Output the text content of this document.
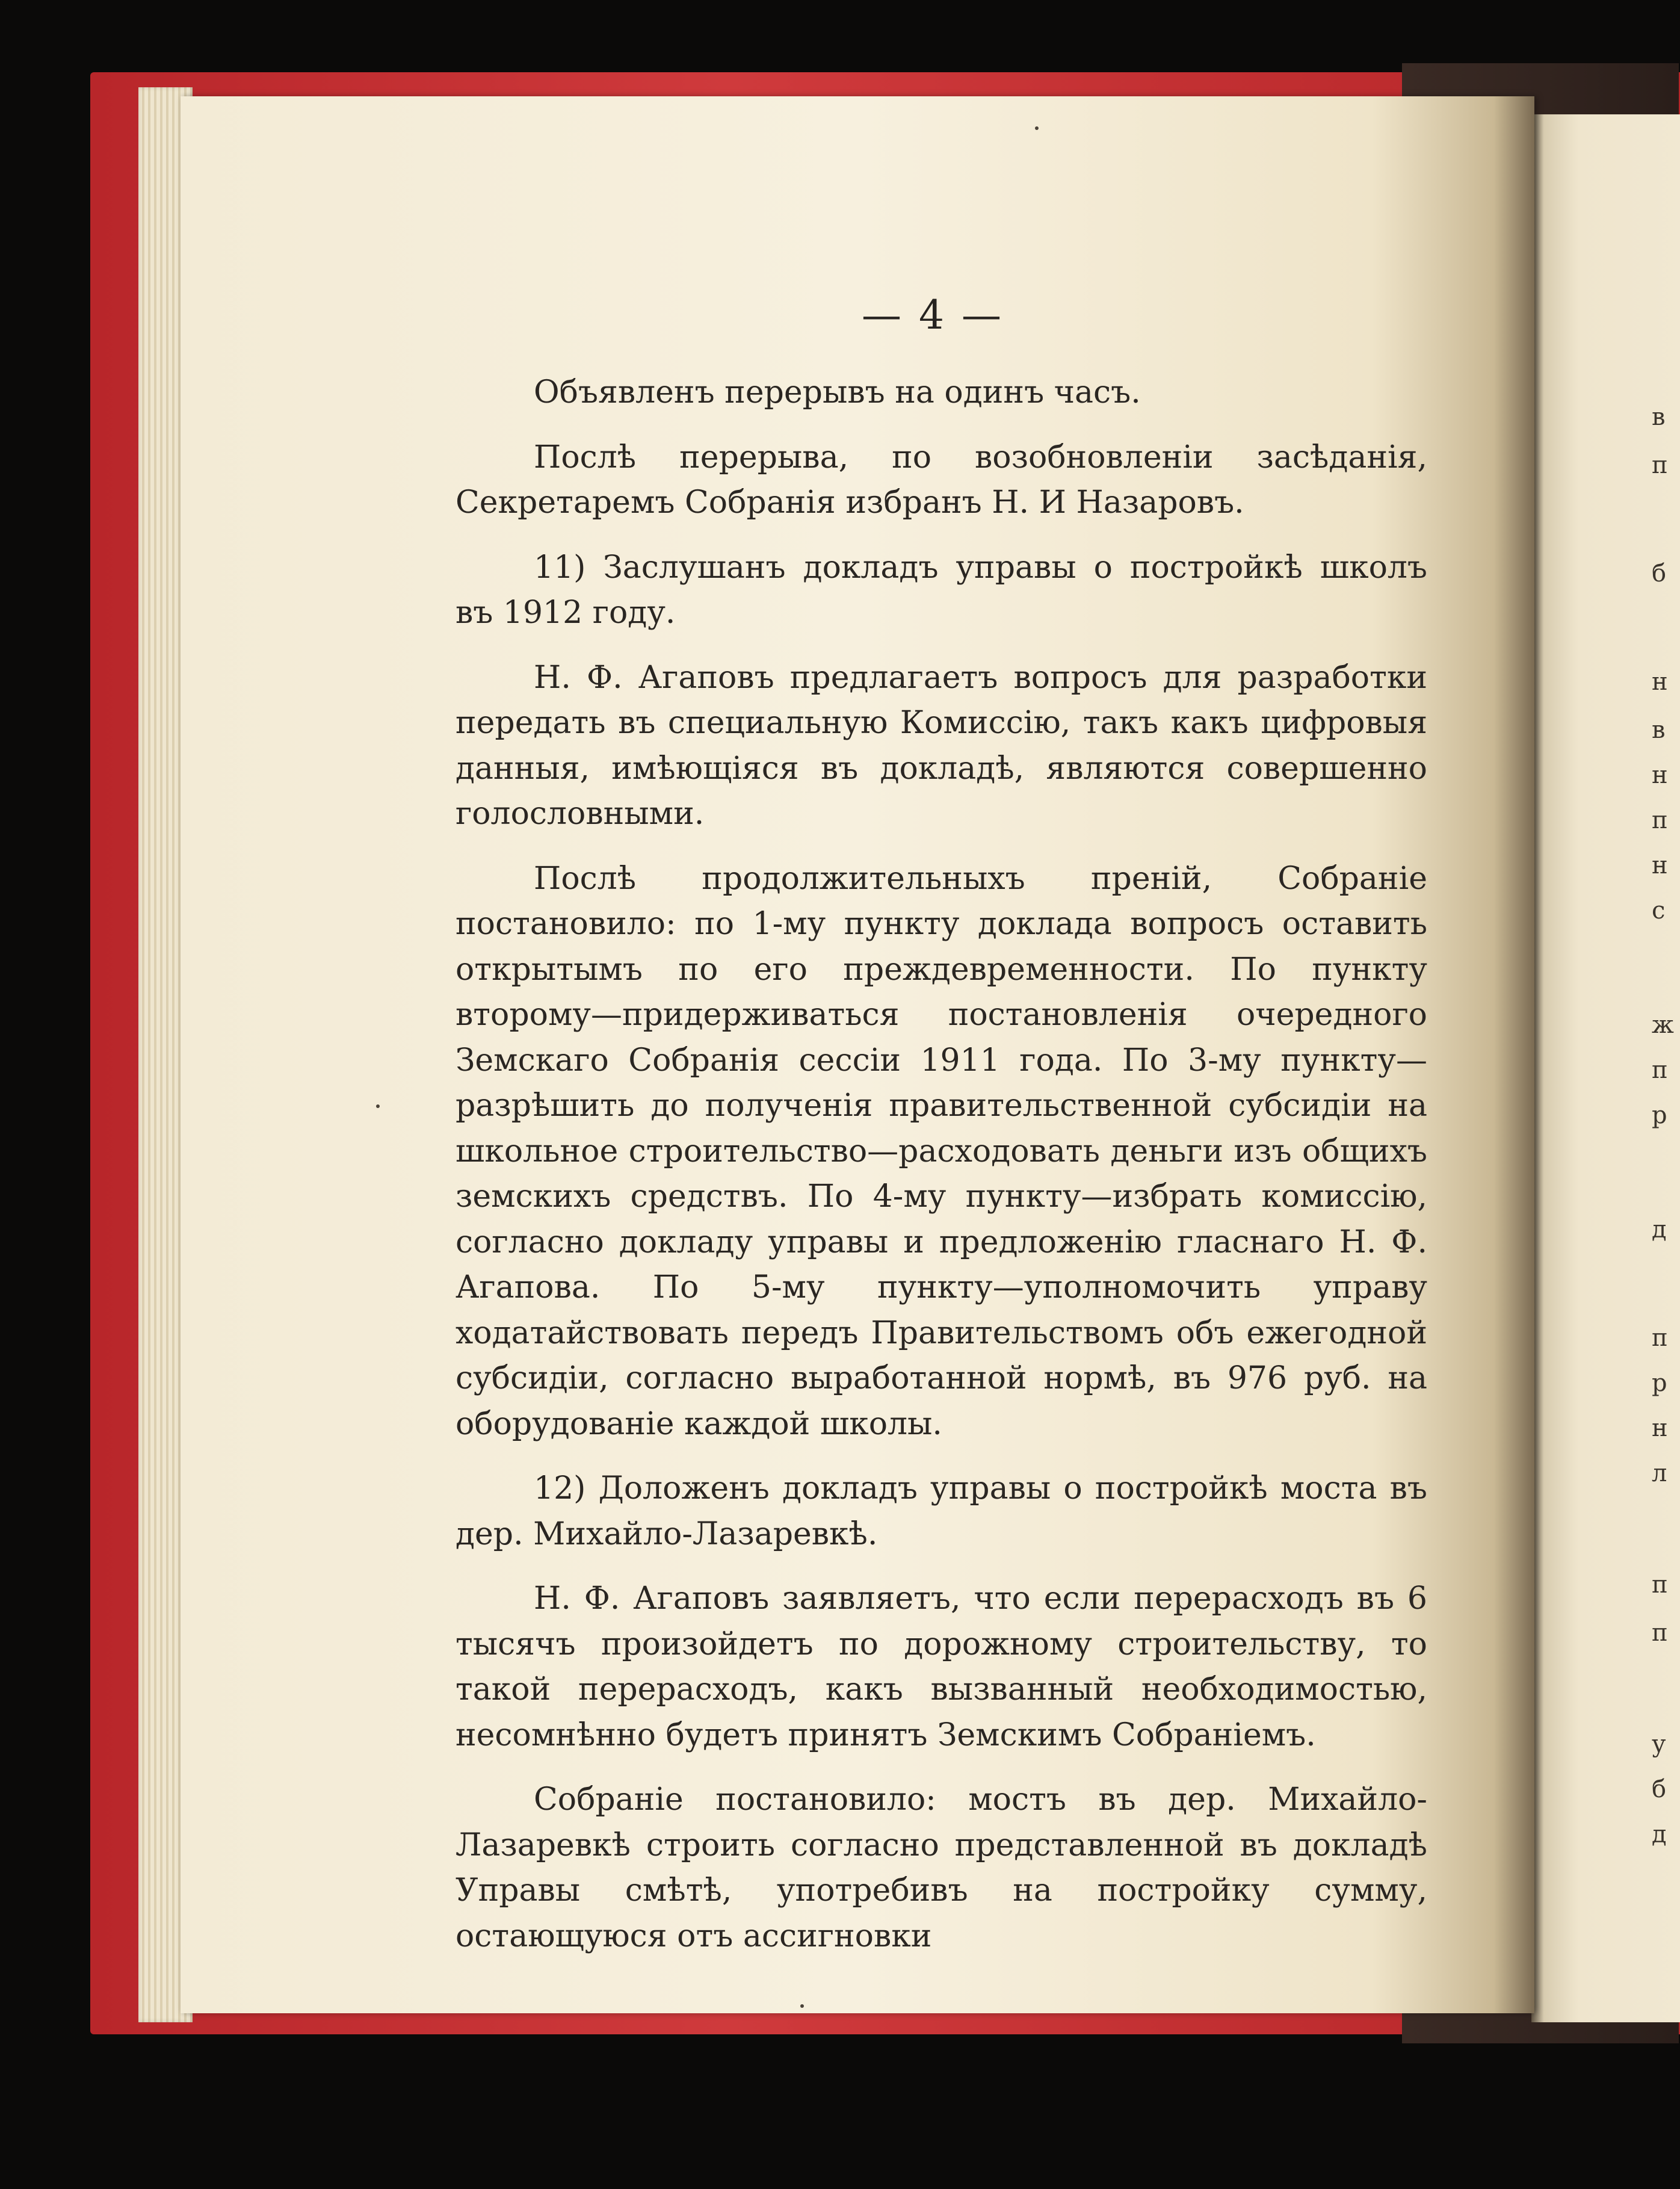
в
п
б
н
в
н
п
н
с
ж
п
р
д
п
р
н
л
п
п
у
б
д
— 4 —

Объявленъ перерывъ на одинъ часъ.

Послѣ перерыва, по возобновленіи засѣданія, Секретаремъ Собранія избранъ Н. И Назаровъ.

11) Заслушанъ докладъ управы о постройкѣ школъ въ 1912 году.

Н. Ф. Агаповъ предлагаетъ вопросъ для разработки передать въ специальную Комиссію, такъ какъ цифровыя данныя, имѣющіяся въ докладѣ, являются совершенно голословными.

Послѣ продолжительныхъ преній, Собраніе постановило: по 1-му пункту доклада вопросъ оставить открытымъ по его преждевременности. По пункту второму—придерживаться постановленія очередного Земскаго Собранія сессіи 1911 года. По 3-му пункту—разрѣшить до полученія правительственной субсидіи на школьное строительство—расходовать деньги изъ общихъ земскихъ средствъ. По 4-му пункту—избрать комиссію, согласно докладу управы и предложенію гласнаго Н. Ф. Агапова. По 5-му пункту—уполномочить управу ходатайствовать передъ Правительствомъ объ ежегодной субсидіи, согласно выработанной нормѣ, въ 976 руб. на оборудованіе каждой школы.

12) Доложенъ докладъ управы о постройкѣ моста въ дер. Михайло-Лазаревкѣ.

Н. Ф. Агаповъ заявляетъ, что если перерасходъ въ 6 тысячъ произойдетъ по дорожному строительству, то такой перерасходъ, какъ вызванный необходимостью, несомнѣнно будетъ принятъ Земскимъ Собраніемъ.

Собраніе постановило: мостъ въ дер. Михайло-Лазаревкѣ строить согласно представленной въ докладѣ Управы смѣтѣ, употребивъ на постройку сумму, остающуюся отъ ассигновки
